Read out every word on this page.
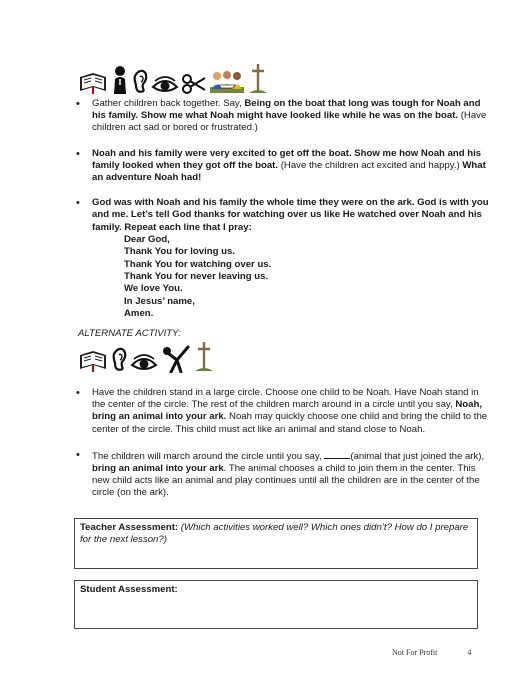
• Gather children back together. Say, Being on the boat that long was tough for Noah and his family. Show me what Noah might have looked like while he was on the boat. (Have children act sad or bored or frustrated.)
• Noah and his family were very excited to get off the boat. Show me how Noah and his family looked when they got off the boat. (Have the children act excited and happy.) What an adventure Noah had!
• God was with Noah and his family the whole time they were on the ark. God is with you and me. Let’s tell God thanks for watching over us like He watched over Noah and his family. Repeat each line that I pray:
Dear God,
Thank You for loving us.
Thank You for watching over us.
Thank You for never leaving us.
We love You.
In Jesus’ name,
Amen.
ALTERNATE ACTIVITY:
• Have the children stand in a large circle. Choose one child to be Noah. Have Noah stand in the center of the circle. The rest of the children march around in a circle until you say, Noah, bring an animal into your ark. Noah may quickly choose one child and bring the child to the center of the circle. This child must act like an animal and stand close to Noah.
• The children will march around the circle until you say,	(animal that just joined the ark), bring an animal into your ark. The animal chooses a child to join them in the center. This new child acts like an animal and play continues until all the children are in the center of the circle (on the ark).
Teacher Assessment: (Which activities worked well? Which ones didn’t? How do I prepare for the next lesson?)
Student Assessment:
Not For Profit	4
